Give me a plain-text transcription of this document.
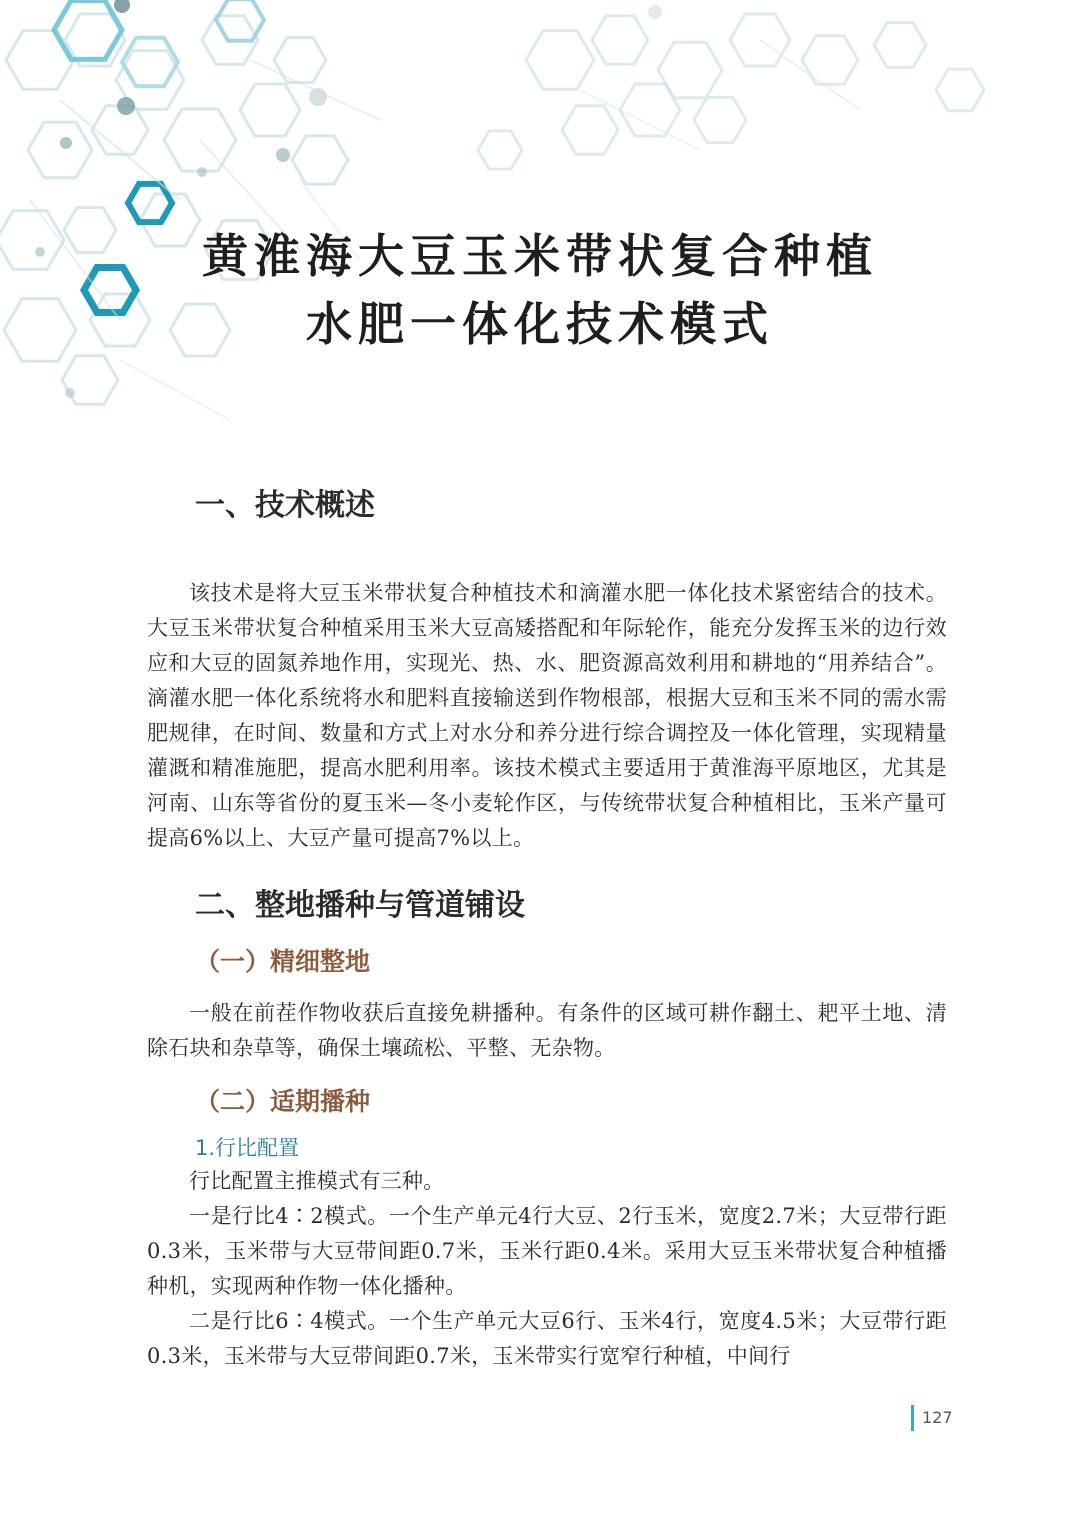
黄淮海大豆玉米带状复合种植
水肥一体化技术模式
一、技术概述

该技术是将大豆玉米带状复合种植技术和滴灌水肥一体化技术紧密结合的技术。大豆玉米带状复合种植采用玉米大豆高矮搭配和年际轮作，能充分发挥玉米的边行效应和大豆的固氮养地作用，实现光、热、水、肥资源高效利用和耕地的“用养结合”。滴灌水肥一体化系统将水和肥料直接输送到作物根部，根据大豆和玉米不同的需水需肥规律，在时间、数量和方式上对水分和养分进行综合调控及一体化管理，实现精量灌溉和精准施肥，提高水肥利用率。该技术模式主要适用于黄淮海平原地区，尤其是河南、山东等省份的夏玉米—冬小麦轮作区，与传统带状复合种植相比，玉米产量可提高6%以上、大豆产量可提高7%以上。

二、整地播种与管道铺设
（一）精细整地

一般在前茬作物收获后直接免耕播种。有条件的区域可耕作翻土、耙平土地、清除石块和杂草等，确保土壤疏松、平整、无杂物。

（二）适期播种
1.行比配置

行比配置主推模式有三种。

一是行比4∶2模式。一个生产单元4行大豆、2行玉米，宽度2.7米；大豆带行距0.3米，玉米带与大豆带间距0.7米，玉米行距0.4米。采用大豆玉米带状复合种植播种机，实现两种作物一体化播种。

二是行比6∶4模式。一个生产单元大豆6行、玉米4行，宽度4.5米；大豆带行距0.3米，玉米带与大豆带间距0.7米，玉米带实行宽窄行种植，中间行

127
